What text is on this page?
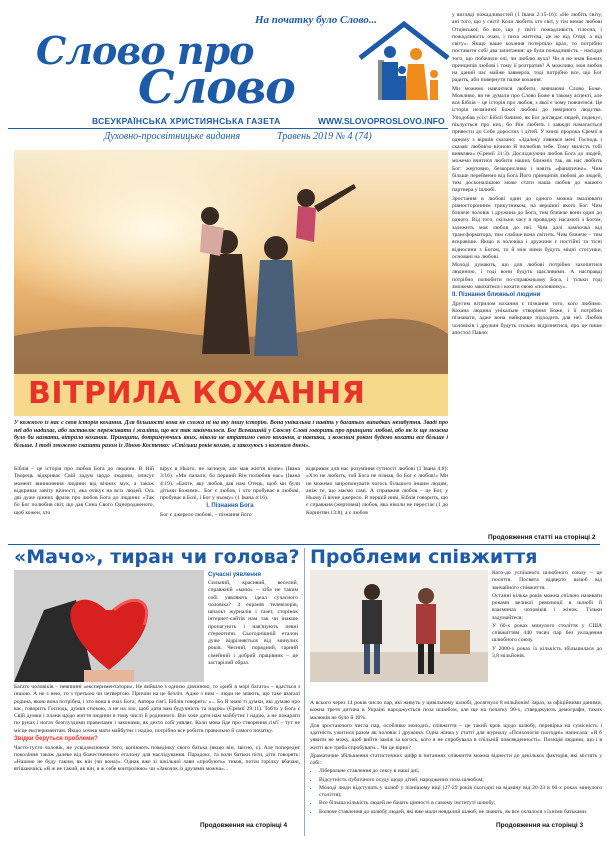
На початку було Слово...
Слово про
Слово
ВСЕУКРАЇНСЬКА ХРИСТИЯНСЬКА ГАЗЕТА	WWW.SLOVOPROSLOVO.INFO
Духовно-просвітницьке видання	Травень 2019 № 4 (74)

у вигляді пожадливостей (1 Івана 2:15-16): «Не любіть світу, ані того, що у світі! Коли любить хто світ, у тім немає любові Отцівської, бо все, що у світі: пожадливість тілесна, і пожадливість очам, і пиха життєва, це не від Отця, а від світу». Якщо наше кохання потерпіло крах, то потрібно поставити собі два запитання: це була пожадливість – насіддя того, що побачили очі, чи люблю вуха? Чи я не знав Божих принципів любові і тому її розтратив? А можливо, моя любов на даний час майже завмерла, тоді потрібно все, що Бог радить, аби повернути палке кохання.

Ми можемо навчитися любити, вивчаючи Слово Боже. Можливо, ви не думали про Слово Боже в такому аспекті, але вся Біблія – це історія про любов, з якої є чому повчитися. Це історія незмінної Божої любові до невірного людства. Уподобав усіх! Біблії бачимо, як Бог доглядає людей, подекує, піклується про них, бо Він любить і завжди намагається привести до Себе дорослих і дітей. У книзі пророка Єремії в одному з віршів сказано: «Здалеку з'явився мені Господь і сказав: любов'ю вічною Я полюбив тебе. Тому милість тобі виявляю» (Єремії 31:3). Досліджуючи любов Бога до людей, можемо вчитися любити наших ближніх так, як нас любить Бог: жертовно, безкорисливо і навіть «фанатично». Чим більше переймемо від Бога Його принципів любові до людей, тим досконалішою може стати наша любов до нашого партнера у шлюбі.

Зростання в любові один до одного можна змалювати рівносторонним трикутником, на вершині якого Бог. Чим ближче чоловік і дружина до Бога, тим ближче вони один до одного. Від того, скільки часу я проводжу насамоті з Богом, залежить моя любов до неї. Чим далі лампочка від трансформатора, тим слабше вона світить. Чим ближче – тим яскравіше. Якщо в чоловіка і дружини є постійні та тісні відносини з Богом, то й між ними будуть міцні стосунки, основані на любові.

Молоді думають, що для любові потрібно захопитися людиною, і тоді вони будуть щасливими. А насправді потрібно полюбити по-справжньому Бога, і тільки тоді зможемо закохатися і кохати свою «половинку».

II. Пізнання ближньої людини

Другим вітрилом кохання є пізнання того, кого любимо. Кохана людина унікальне створіння Боже, і її потрібно пізнавати, адже вона найкраще підходить для неї. Любов чоловіків і дружин будуть сильно відрізнятися, про це пише апостол Павло:

Продовження статті на сторінці 2
ВІТРИЛА КОХАННЯ
У кожного із нас є своя історія кохання. Для більшості вона не схожа ні на яку іншу історію. Вона унікальна і навіть у багатьох випадках незабутня. Зваді про неї або надихає, або заставляє переживати і жаліти, що все так закінчилося. Бог Всевишній у Своєму Слові говорить про принципи любові, або як їх ще можна було би назвати, вітрила кохання. Принципи, дотримуючись яких, ніколи не втратимо свого кохання, а навпаки, з кожним роком будемо кохати все більше і більше. І тоді зможемо сказати разом із Ліною Костенко: «Стільки років кохаю, а закохуюсь з кожним днем».
Біблія – це історія про любов Бога до людини. В Ній Творець відкриває Свій задум щодо людини, описує момент виникнення людини від вічних мук, а також відкриває завіту вічності, яка очікує на всіх людей. Ось дві дуже цінних фрази про любов Бога до людини: «Так бо Бог полюбив світ, що дав Сина Свого Однородженого, щоб кожен, хто

вірує в Нього, не загинув, але мав життя вічне» (Івана 3:16). «Ми палали, бо перший Він полюбив нас» (Івана 4:19). «Бачте, яку любов дав нам Отець, щоб ми були дітьми Божими... Бог є любов, і хто пробуває в любові, пробуває в Бозі, і Бог у ньому» (1 Івана 4:16).

І. Пізнання Бога

Бог є джерело любові, – пізнання його

відкриває для нас розуміння сутності любові (1 Івана 4:8): «Хто не любить, той Бога не пізнав, бо Бог є любов!» Ми не можемо запропонувати чогось більшого іншим людям, аніж те, що маємо самі. А справжня любов – це Бог, у Ньому її вічне джерело. В першій ниві, Біблія говорить, що є справжня (жертовна) любов, яка ніколи не перестає (1 до Коринтян 13:8), а є любов
«Мачо», тиран чи голова?
Сучасні уявлення
Сильний, красивий, веселий, справжній «мачо» – хіба не таким собі уявляють ідеал сучасного чоловіка? З екранів телевізорів, шпальт журналів і газет, сторінок інтернет-сайтів нам так чи інакше пропагують і нав'язують певні стереотипи. Сьогоднішній еталон дуже відрізняється від минулих років. Чесний, порядний, гарний сімейний і добрий працівник – це застарілий образ.

Багато чоловіків – невпинні «експериментатори». Не вийшло з однією дівчиною, то «рибі в морі багато» – вдасться з іншою. А не з нею, то з третьою чи четвертою. Причин на це безліч. Адже з ним – люди не знають, що таке взагалі родина, якою вона потрібна, і хто вона в очах Бога, Автора сім'ї. Біблія говорить: «... Бо Я знаю ті думки, які думаю про вас, говорить Господь, думки спокою, а не на зло, щоб дати вам будучність та надію» (Єремії 29:11). Тобто у Бога є Свій думки і плани щодо життя людини в тому числі й родинного. Він хоче дати нам майбутнє і надію, а не покарати по руках і ногах безглуздими правилами і законами, як дехто собі уявляє. Коли мова йде про створення сім'ї – тут не місце експериментам. Якщо хочеш мати майбутнє і надію, потрібно все робити правильно й самого початку.

Звідки беруться проблеми?

Часто-густо чоловік, не усвідомлюючи того, копіюють поведінку свого батька (якщо він, звісно, є). Але попереднє покоління також далеке від божественного еталону для наслідування. Парадокс, та коли батьки піти, діти говорять: «Нашою не буду таким, як він (чи вона)». Однак вже зі шкільної лави «пробують» тиков, потім горілку вбачаю, втішаючись «Я ж не такий, як він, я ж себе контролюю» чи «Закочок із друзями можна»...

Продовження на сторінці 4
Проблеми співжиття

Кого-до успішного шлюбного союзу – це посяття. Посвята відверто шлюб від звичайного співжиття.

Останні кілька років можна спільно називати роками великої революції в шлюбі й взаєминах чоловіків і жінок. Тільки задумайтеся:

У 60-х роках минулого століття у США співжиттям 440 тисяч пар без укладення шлюбного союзу.

У 2000-х роках їх кількість збільшилася до 3,8 мільйонів.

А всього через 14 років число пар, які живуть у цивільному шлюбі, досягнуло 8 мільйонів! Зараз, за офіційними даними, кожна третя дитина в Україні народжується поза шлюбом, але ще на початку 90-х, стверджують демографи, таких малюків не було й 10%.

Для зростаючого числа пар, особливо молодих, співжиття – це такий крок щодо шлюбу, перевірка на сумісність і здатність ужитися разом як чоловік і дружина. Одна жінка у статті для журналу «Психологія сьогодні» написала: «Я б уявити не можу, щоб вийти заміж за когось, кого я не спробувала в спільній повсякденності». Позиція людини, що і в житті все треба спробувати... Чи це вірно?

Драматичне збільшення статистичних цифр в питаннях співжиття можна віднести до декількох факторів, які містять у собі:

• Ліберальне ставлення до сексу в наші дні;
• Відсутність публічного осуду щодо дітей, народжених поза шлюбом;
• Молоді люди відступать у шлюб у пізнішому віці (27-29 років сьогодні на відміну від 20-23 в 60-х роках минулого століття);
• Все більша кількість людей не бачать цінності в самому інституті шлюбу;
• Болюче ставлення до шлюбу людей, які вже мали невдалий шлюб, не знають, як все склалося з їхніми батьками.
Продовження на сторінці 3
